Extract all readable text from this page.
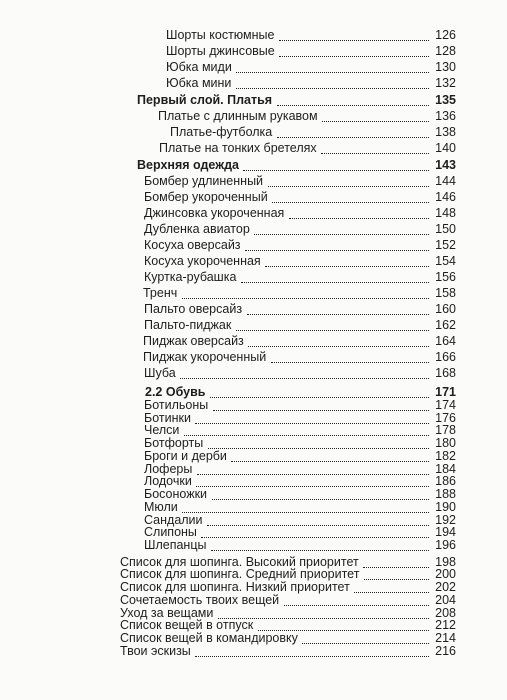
Шорты костюмные	126
Шорты джинсовые	128
Юбка миди	130
Юбка мини	132
Первый слой. Платья	135
Платье с длинным рукавом	136
Платье-футболка	138
Платье на тонких бретелях	140
Верхняя одежда	143
Бомбер удлиненный	144
Бомбер укороченный	146
Джинсовка укороченная	148
Дубленка авиатор	150
Косуха оверсайз	152
Косуха укороченная	154
Куртка-рубашка	156
Тренч	158
Пальто оверсайз	160
Пальто-пиджак	162
Пиджак оверсайз	164
Пиджак укороченный	166
Шуба	168
2.2 Обувь	171
Ботильоны	174
Ботинки	176
Челси	178
Ботфорты	180
Броги и дерби	182
Лоферы	184
Лодочки	186
Босоножки	188
Мюли	190
Сандалии	192
Слипоны	194
Шлепанцы	196
Список для шопинга. Высокий приоритет	198
Список для шопинга. Средний приоритет	200
Список для шопинга. Низкий приоритет	202
Сочетаемость твоих вещей	204
Уход за вещами	208
Список вещей в отпуск	212
Список вещей в командировку	214
Твои эскизы	216
